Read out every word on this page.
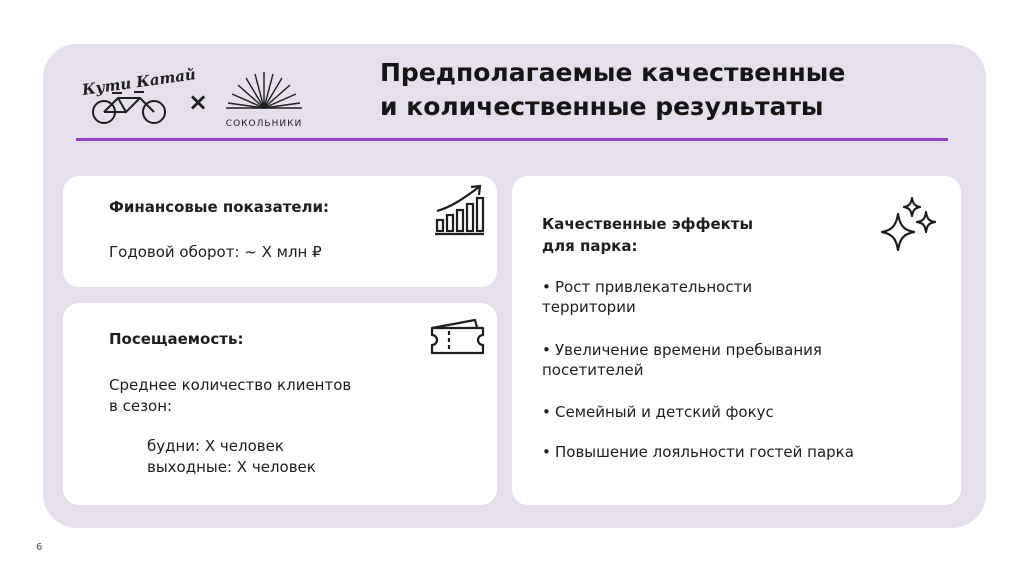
Кути Катай
×
СОКОЛЬНИКИ
Предполагаемые качественные
и количественные результаты
Финансовые показатели:
Годовой оборот: ~ Х млн ₽
Посещаемость:
Среднее количество клиентов
в сезон:
будни: Х человек
выходные: Х человек
Качественные эффекты
для парка:
• Рост привлекательности
территории
• Увеличение времени пребывания
посетителей
• Семейный и детский фокус
• Повышение лояльности гостей парка
6
